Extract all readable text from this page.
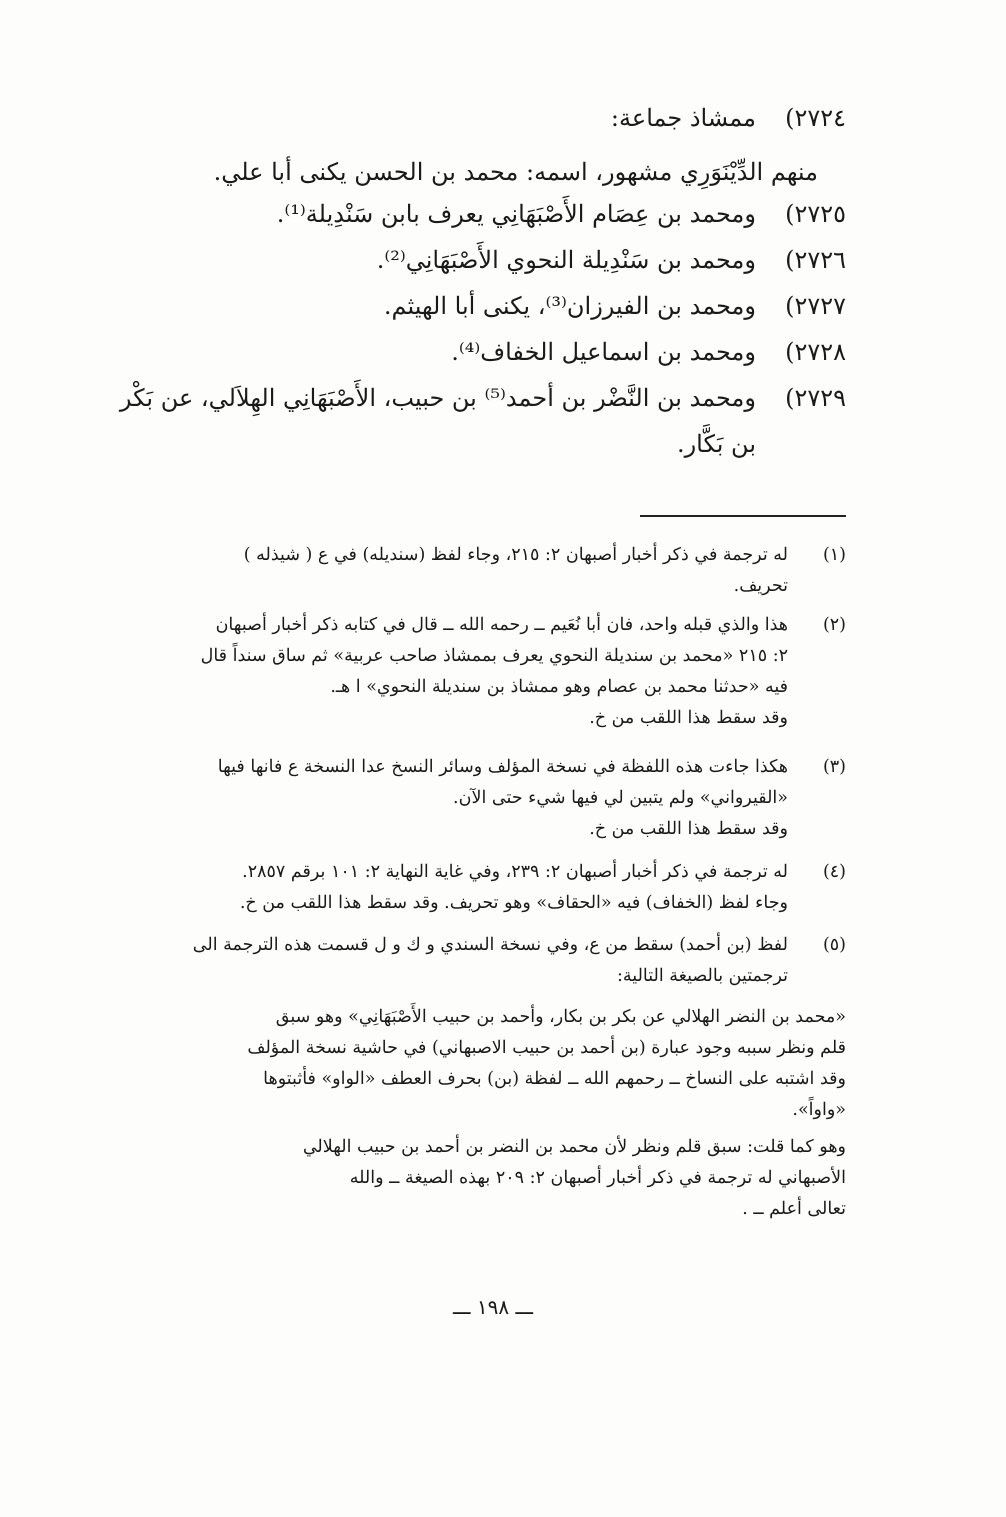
٢٧٢٤)ممشاذ جماعة:
منهم الدِّيْنَوَرِي مشهور، اسمه: محمد بن الحسن يكنى أبا علي.
٢٧٢٥)ومحمد بن عِصَام الأَصْبَهَانِي يعرف بابن سَنْدِيلة⁽¹⁾.
٢٧٢٦)ومحمد بن سَنْدِيلة النحوي الأَصْبَهَانِي⁽²⁾.
٢٧٢٧)ومحمد بن الفيرزان⁽³⁾، يكنى أبا الهيثم.
٢٧٢٨)ومحمد بن اسماعيل الخفاف⁽⁴⁾.
٢٧٢٩)ومحمد بن النَّضْر بن أحمد⁽⁵⁾ بن حبيب، الأَصْبَهَانِي الهِلاَلي، عن بَكْر
بن بَكَّار.
(١)
له ترجمة في ذكر أخبار أصبهان ٢: ٢١٥، وجاء لفظ (سنديله) في ع ( شيذله )
تحريف.
(٢)
هذا والذي قبله واحد، فان أبا نُعَيم ــ رحمه الله ــ قال في كتابه ذكر أخبار أصبهان
٢: ٢١٥ «محمد بن سنديلة النحوي يعرف بممشاذ صاحب عربية» ثم ساق سنداً قال
فيه «حدثنا محمد بن عصام وهو ممشاذ بن سنديلة النحوي» ا هـ.
وقد سقط هذا اللقب من خ.
(٣)
هكذا جاءت هذه اللفظة في نسخة المؤلف وسائر النسخ عدا النسخة ع فانها فيها
«القيرواني» ولم يتبين لي فيها شيء حتى الآن.
وقد سقط هذا اللقب من خ.
(٤)
له ترجمة في ذكر أخبار أصبهان ٢: ٢٣٩، وفي غاية النهاية ٢: ١٠١ برقم ٢٨٥٧.
وجاء لفظ (الخفاف) فيه «الحقاف» وهو تحريف. وقد سقط هذا اللقب من خ.
(٥)
لفظ (بن أحمد) سقط من ع، وفي نسخة السندي و ك و ل قسمت هذه الترجمة الى
ترجمتين بالصيغة التالية:
«محمد بن النضر الهلالي عن بكر بن بكار، وأحمد بن حبيب الأَصْبَهَانِي» وهو سبق
قلم ونظر سببه وجود عبارة (بن أحمد بن حبيب الاصبهاني) في حاشية نسخة المؤلف
وقد اشتبه على النساخ ــ رحمهم الله ــ لفظة (بن) بحرف العطف «الواو» فأثبتوها
«واواً».
وهو كما قلت: سبق قلم ونظر لأن محمد بن النضر بن أحمد بن حبيب الهلالي
الأصبهاني له ترجمة في ذكر أخبار أصبهان ٢: ٢٠٩ بهذه الصيغة ــ والله
تعالى أعلم ــ .
ـــ ١٩٨ ـــ
